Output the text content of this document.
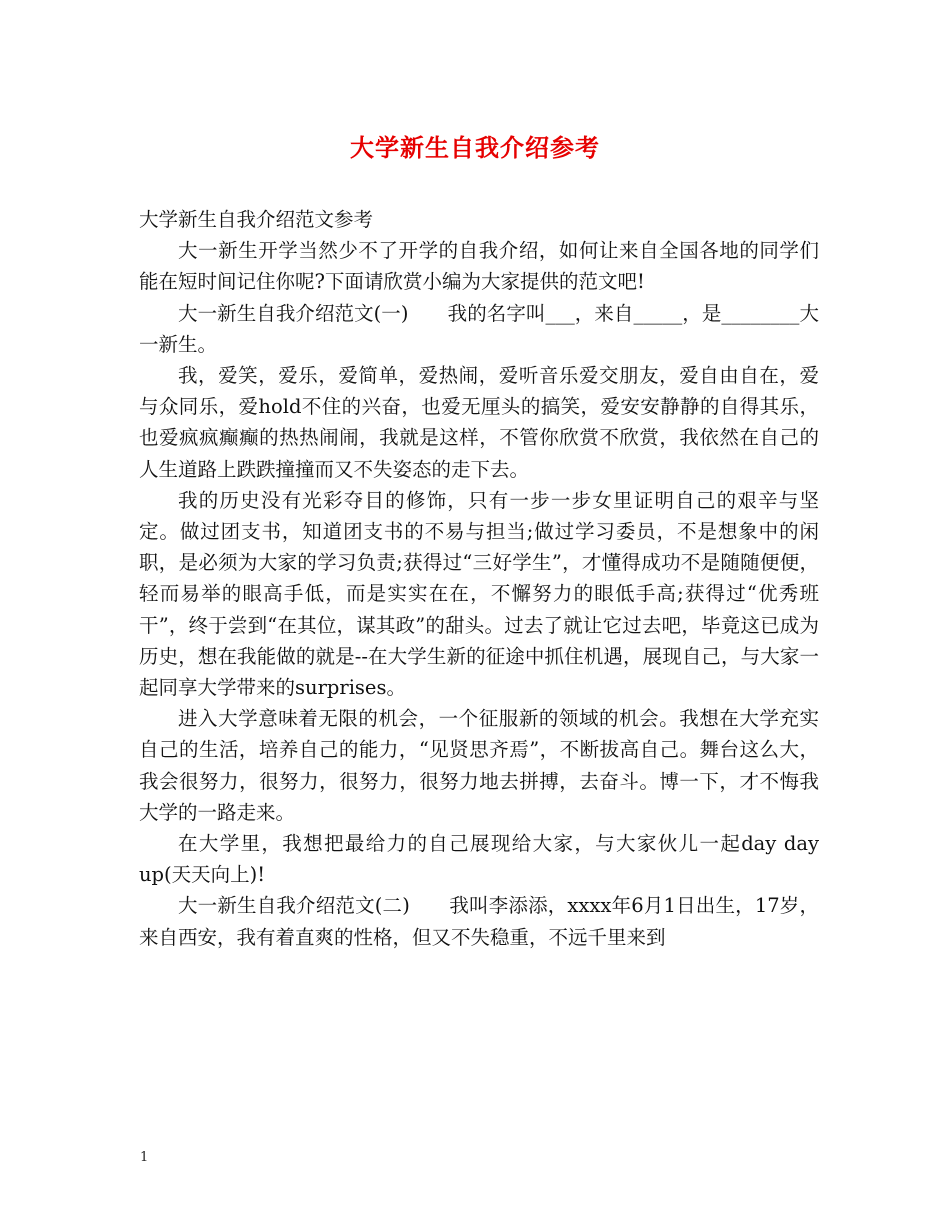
大学新生自我介绍参考

大学新生自我介绍范文参考

大一新生开学当然少不了开学的自我介绍，如何让来自全国各地的同学们能在短时间记住你呢?下面请欣赏小编为大家提供的范文吧!

大一新生自我介绍范文(一)　　我的名字叫___，来自_____，是________大一新生。

我，爱笑，爱乐，爱简单，爱热闹，爱听音乐爱交朋友，爱自由自在，爱与众同乐，爱hold不住的兴奋，也爱无厘头的搞笑，爱安安静静的自得其乐，也爱疯疯癫癫的热热闹闹，我就是这样，不管你欣赏不欣赏，我依然在自己的人生道路上跌跌撞撞而又不失姿态的走下去。

我的历史没有光彩夺目的修饰，只有一步一步女里证明自己的艰辛与坚定。做过团支书，知道团支书的不易与担当;做过学习委员，不是想象中的闲职，是必须为大家的学习负责;获得过“三好学生”，才懂得成功不是随随便便，轻而易举的眼高手低，而是实实在在，不懈努力的眼低手高;获得过“优秀班干”，终于尝到“在其位，谋其政”的甜头。过去了就让它过去吧，毕竟这已成为历史，想在我能做的就是--在大学生新的征途中抓住机遇，展现自己，与大家一起同享大学带来的surprises。

进入大学意味着无限的机会，一个征服新的领域的机会。我想在大学充实自己的生活，培养自己的能力，“见贤思齐焉”，不断拔高自己。舞台这么大，我会很努力，很努力，很努力，很努力地去拼搏，去奋斗。博一下，才不悔我大学的一路走来。

在大学里，我想把最给力的自己展现给大家，与大家伙儿一起day day up(天天向上)!

大一新生自我介绍范文(二)　　我叫李添添，xxxx年6月1日出生，17岁，来自西安，我有着直爽的性格，但又不失稳重，不远千里来到

1
